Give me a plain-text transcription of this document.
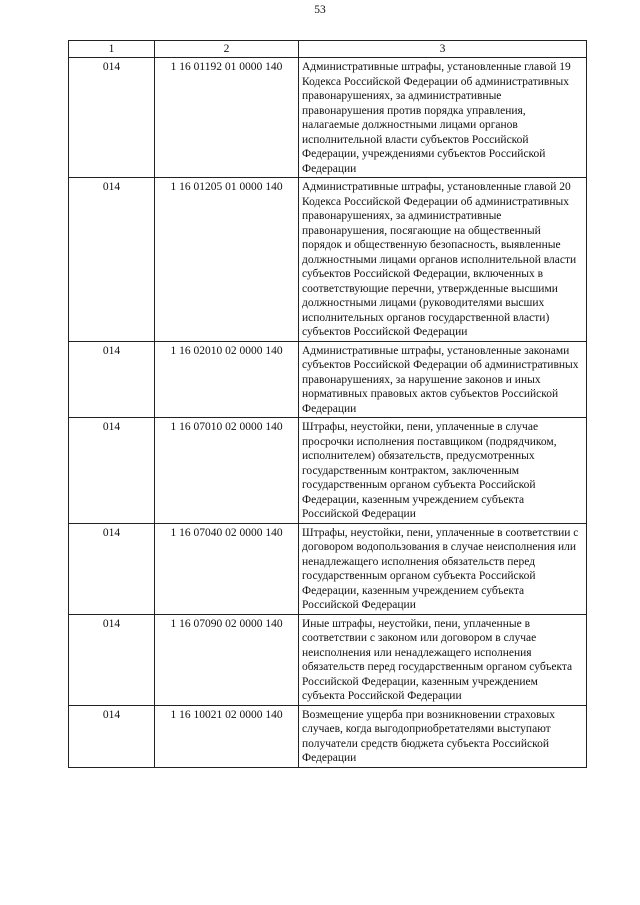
53
1	2	3
014	1 16 01192 01 0000 140	Административные штрафы, установленные главой 19 Кодекса Российской Федерации об административных правонарушениях, за административные правонарушения против порядка управления, налагаемые должностными лицами органов исполнительной власти субъектов Российской Федерации, учреждениями субъектов Российской Федерации
014	1 16 01205 01 0000 140	Административные штрафы, установленные главой 20 Кодекса Российской Федерации об административных правонарушениях, за административные правонарушения, посягающие на общественный порядок и общественную безопасность, выявленные должностными лицами органов исполнительной власти субъектов Российской Федерации, включенных в соответствующие перечни, утвержденные высшими должностными лицами (руководителями высших исполнительных органов государственной власти) субъектов Российской Федерации
014	1 16 02010 02 0000 140	Административные штрафы, установленные законами субъектов Российской Федерации об административных правонарушениях, за нарушение законов и иных нормативных правовых актов субъектов Российской Федерации
014	1 16 07010 02 0000 140	Штрафы, неустойки, пени, уплаченные в случае просрочки исполнения поставщиком (подрядчиком, исполнителем) обязательств, предусмотренных государственным контрактом, заключенным государственным органом субъекта Российской Федерации, казенным учреждением субъекта Российской Федерации
014	1 16 07040 02 0000 140	Штрафы, неустойки, пени, уплаченные в соответствии с договором водопользования в случае неисполнения или ненадлежащего исполнения обязательств перед государственным органом субъекта Российской Федерации, казенным учреждением субъекта Российской Федерации
014	1 16 07090 02 0000 140	Иные штрафы, неустойки, пени, уплаченные в соответствии с законом или договором в случае неисполнения или ненадлежащего исполнения обязательств перед государственным органом субъекта Российской Федерации, казенным учреждением субъекта Российской Федерации
014	1 16 10021 02 0000 140	Возмещение ущерба при возникновении страховых случаев, когда выгодоприобретателями выступают получатели средств бюджета субъекта Российской Федерации
